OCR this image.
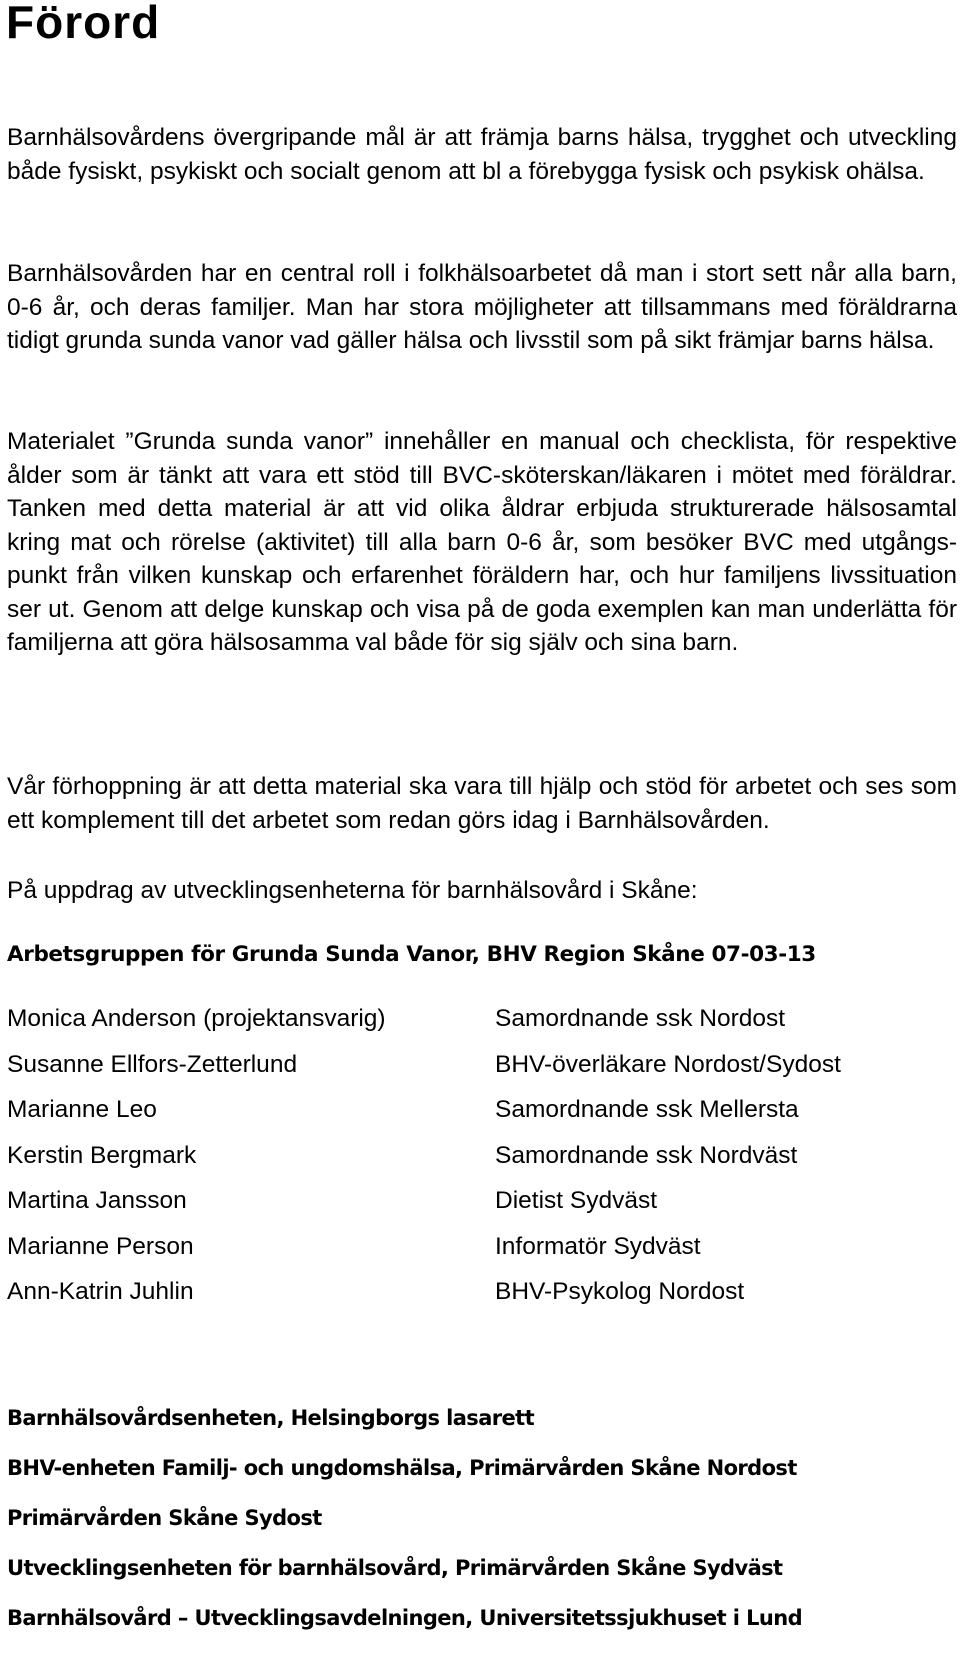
Förord

Barnhälsovårdens övergripande mål är att främja barns hälsa, trygghet och utveckling både fysiskt, psykiskt och socialt genom att bl a förebygga fysisk och psykisk ohälsa.

Barnhälsovården har en central roll i folkhälsoarbetet då man i stort sett når alla barn, 0-6 år, och deras familjer. Man har stora möjligheter att tillsammans med föräldrarna tidigt grunda sunda vanor vad gäller hälsa och livsstil som på sikt främjar barns hälsa.

Materialet ”Grunda sunda vanor” innehåller en manual och checklista, för respektive ålder som är tänkt att vara ett stöd till BVC-sköterskan/läkaren i mötet med föräldrar. Tanken med detta material är att vid olika åldrar erbjuda strukturerade hälsosamtal kring mat och rörelse (aktivitet) till alla barn 0-6 år, som besöker BVC med utgångs-punkt från vilken kunskap och erfarenhet föräldern har, och hur familjens livssituation ser ut. Genom att delge kunskap och visa på de goda exemplen kan man underlätta för familjerna att göra hälsosamma val både för sig själv och sina barn.

Vår förhoppning är att detta material ska vara till hjälp och stöd för arbetet och ses som ett komplement till det arbetet som redan görs idag i Barnhälsovården.

På uppdrag av utvecklingsenheterna för barnhälsovård i Skåne:

Arbetsgruppen för Grunda Sunda Vanor, BHV Region Skåne 07-03-13

Monica Anderson (projektansvarig)	Samordnande ssk Nordost
Susanne Ellfors-Zetterlund	BHV-överläkare Nordost/Sydost
Marianne Leo	Samordnande ssk Mellersta
Kerstin Bergmark	Samordnande ssk Nordväst
Martina Jansson	Dietist Sydväst
Marianne Person	Informatör Sydväst
Ann-Katrin Juhlin	BHV-Psykolog Nordost
Barnhälsovårdsenheten, Helsingborgs lasarett
BHV-enheten Familj- och ungdomshälsa, Primärvården Skåne Nordost
Primärvården Skåne Sydost
Utvecklingsenheten för barnhälsovård, Primärvården Skåne Sydväst
Barnhälsovård – Utvecklingsavdelningen, Universitetssjukhuset i Lund
